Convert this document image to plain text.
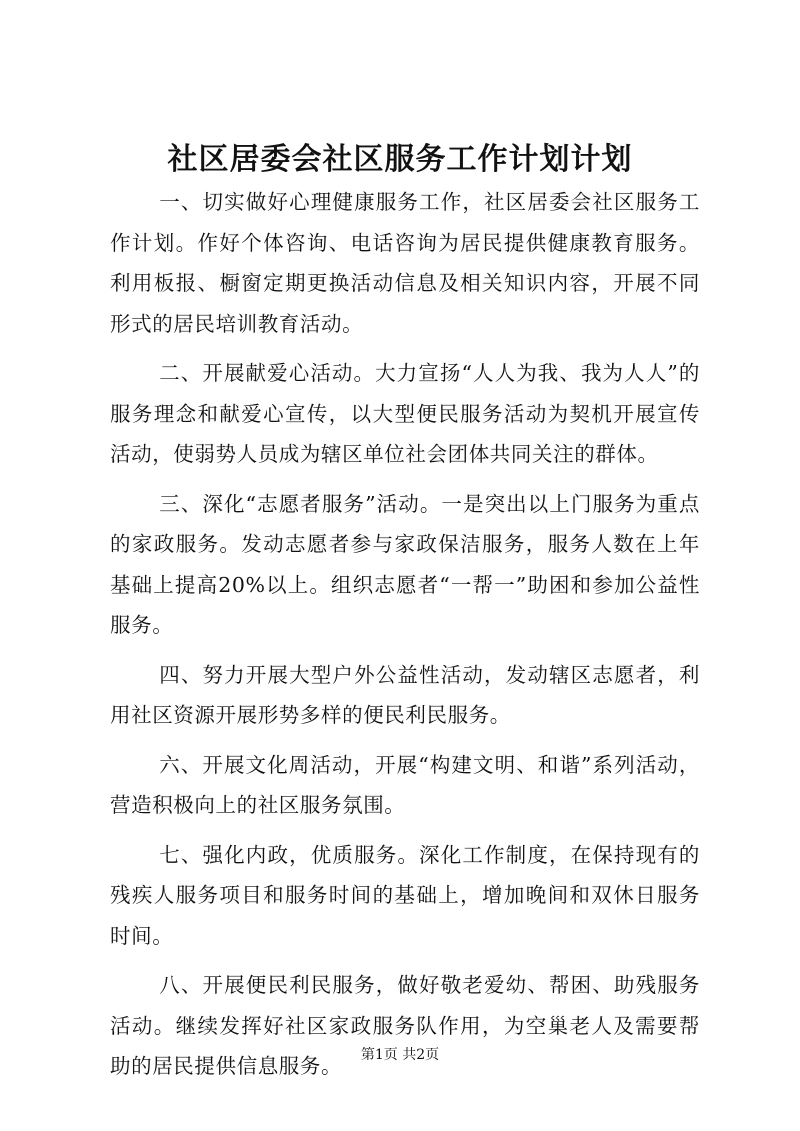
社区居委会社区服务工作计划计划

一、切实做好心理健康服务工作，社区居委会社区服务工作计划。作好个体咨询、电话咨询为居民提供健康教育服务。利用板报、橱窗定期更换活动信息及相关知识内容，开展不同形式的居民培训教育活动。

二、开展献爱心活动。大力宣扬“人人为我、我为人人”的服务理念和献爱心宣传，以大型便民服务活动为契机开展宣传活动，使弱势人员成为辖区单位社会团体共同关注的群体。

三、深化“志愿者服务”活动。一是突出以上门服务为重点的家政服务。发动志愿者参与家政保洁服务，服务人数在上年基础上提高20%以上。组织志愿者“一帮一”助困和参加公益性服务。

四、努力开展大型户外公益性活动，发动辖区志愿者，利用社区资源开展形势多样的便民利民服务。

六、开展文化周活动，开展“构建文明、和谐”系列活动，营造积极向上的社区服务氛围。

七、强化内政，优质服务。深化工作制度，在保持现有的残疾人服务项目和服务时间的基础上，增加晚间和双休日服务时间。

八、开展便民利民服务，做好敬老爱幼、帮困、助残服务活动。继续发挥好社区家政服务队作用，为空巢老人及需要帮助的居民提供信息服务。	第1页 共2页
